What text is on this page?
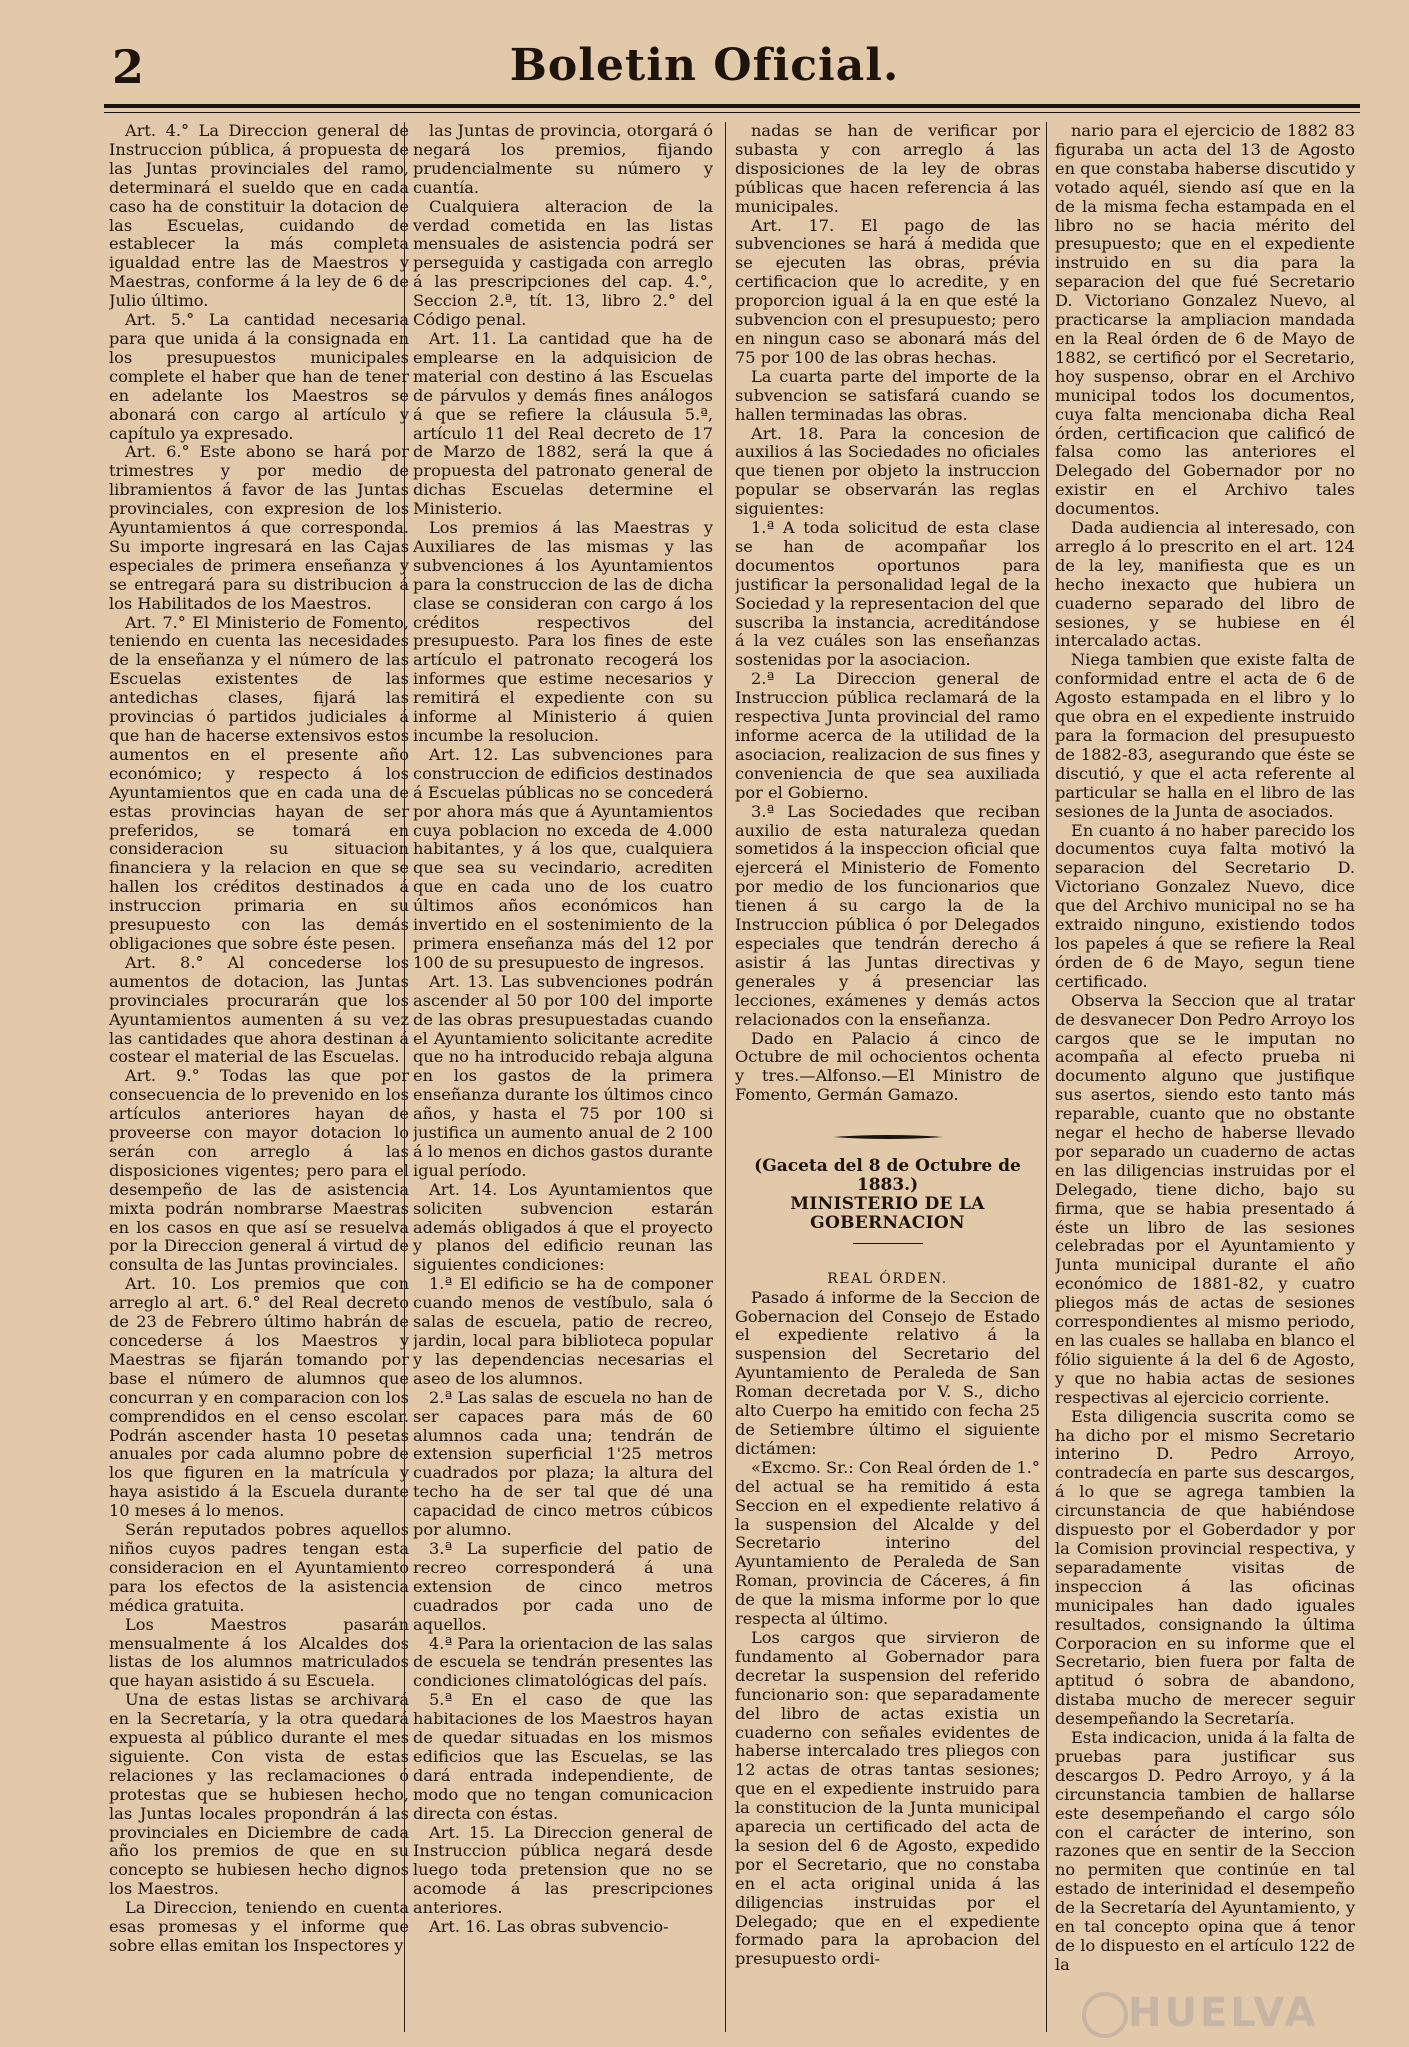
2	Boletin Oficial.

Art. 4.° La Direccion general de Instruccion pública, á propuesta de las Juntas provinciales del ramo, determinará el sueldo que en cada caso ha de constituir la dotacion de las Escuelas, cuidando de establecer la más completa igualdad entre las de Maestros y Maestras, conforme á la ley de 6 de Julio último.

Art. 5.° La cantidad necesaria para que unida á la consignada en los presupuestos municipales complete el haber que han de tener en adelante los Maestros se abonará con cargo al artículo y capítulo ya expresado.

Art. 6.° Este abono se hará por trimestres y por medio de libramientos á favor de las Juntas provinciales, con expresion de los Ayuntamientos á que corresponda. Su importe ingresará en las Cajas especiales de primera enseñanza y se entregará para su distribucion á los Habilitados de los Maestros.

Art. 7.° El Ministerio de Fomento, teniendo en cuenta las necesidades de la enseñanza y el número de las Escuelas existentes de las antedichas clases, fijará las provincias ó partidos judiciales á que han de hacerse extensivos estos aumentos en el presente año económico; y respecto á los Ayuntamientos que en cada una de estas provincias hayan de ser preferidos, se tomará en consideracion su situacion financiera y la relacion en que se hallen los créditos destinados á instruccion primaria en su presupuesto con las demás obligaciones que sobre éste pesen.

Art. 8.° Al concederse los aumentos de dotacion, las Juntas provinciales procurarán que los Ayuntamientos aumenten á su vez las cantidades que ahora destinan á costear el material de las Escuelas.

Art. 9.° Todas las que por consecuencia de lo prevenido en los artículos anteriores hayan de proveerse con mayor dotacion lo serán con arreglo á las disposiciones vigentes; pero para el desempeño de las de asistencia mixta podrán nombrarse Maestras en los casos en que así se resuelva por la Direccion general á virtud de consulta de las Juntas provinciales.

Art. 10. Los premios que con arreglo al art. 6.° del Real decreto de 23 de Febrero último habrán de concederse á los Maestros y Maestras se fijarán tomando por base el número de alumnos que concurran y en comparacion con los comprendidos en el censo escolar. Podrán ascender hasta 10 pesetas anuales por cada alumno pobre de los que figuren en la matrícula y haya asistido á la Escuela durante 10 meses á lo menos.

Serán reputados pobres aquellos niños cuyos padres tengan esta consideracion en el Ayuntamiento para los efectos de la asistencia médica gratuita.

Los Maestros pasarán mensualmente á los Alcaldes dos listas de los alumnos matriculados que hayan asistido á su Escuela.

Una de estas listas se archivará en la Secretaría, y la otra quedará expuesta al público durante el mes siguiente. Con vista de estas relaciones y las reclamaciones ó protestas que se hubiesen hecho, las Juntas locales propondrán á las provinciales en Diciembre de cada año los premios de que en su concepto se hubiesen hecho dignos los Maestros.

La Direccion, teniendo en cuenta esas promesas y el informe que sobre ellas emitan los Inspectores y

las Juntas de provincia, otorgará ó negará los premios, fijando prudencialmente su número y cuantía.

Cualquiera alteracion de la verdad cometida en las listas mensuales de asistencia podrá ser perseguida y castigada con arreglo á las prescripciones del cap. 4.°, Seccion 2.ª, tít. 13, libro 2.° del Código penal.

Art. 11. La cantidad que ha de emplearse en la adquisicion de material con destino á las Escuelas de párvulos y demás fines análogos á que se refiere la cláusula 5.ª, artículo 11 del Real decreto de 17 de Marzo de 1882, será la que á propuesta del patronato general de dichas Escuelas determine el Ministerio.

Los premios á las Maestras y Auxiliares de las mismas y las subvenciones á los Ayuntamientos para la construccion de las de dicha clase se consideran con cargo á los créditos respectivos del presupuesto. Para los fines de este artículo el patronato recogerá los informes que estime necesarios y remitirá el expediente con su informe al Ministerio á quien incumbe la resolucion.

Art. 12. Las subvenciones para construccion de edificios destinados á Escuelas públicas no se concederá por ahora más que á Ayuntamientos cuya poblacion no exceda de 4.000 habitantes, y á los que, cualquiera que sea su vecindario, acrediten que en cada uno de los cuatro últimos años económicos han invertido en el sostenimiento de la primera enseñanza más del 12 por 100 de su presupuesto de ingresos.

Art. 13. Las subvenciones podrán ascender al 50 por 100 del importe de las obras presupuestadas cuando el Ayuntamiento solicitante acredite que no ha introducido rebaja alguna en los gastos de la primera enseñanza durante los últimos cinco años, y hasta el 75 por 100 si justifica un aumento anual de 2 100 á lo menos en dichos gastos durante igual período.

Art. 14. Los Ayuntamientos que soliciten subvencion estarán además obligados á que el proyecto y planos del edificio reunan las siguientes condiciones:

1.ª El edificio se ha de componer cuando menos de vestíbulo, sala ó salas de escuela, patio de recreo, jardin, local para biblioteca popular y las dependencias necesarias el aseo de los alumnos.

2.ª Las salas de escuela no han de ser capaces para más de 60 alumnos cada una; tendrán de extension superficial 1'25 metros cuadrados por plaza; la altura del techo ha de ser tal que dé una capacidad de cinco metros cúbicos por alumno.

3.ª La superficie del patio de recreo corresponderá á una extension de cinco metros cuadrados por cada uno de aquellos.

4.ª Para la orientacion de las salas de escuela se tendrán presentes las condiciones climatológicas del país.

5.ª En el caso de que las habitaciones de los Maestros hayan de quedar situadas en los mismos edificios que las Escuelas, se las dará entrada independiente, de modo que no tengan comunicacion directa con éstas.

Art. 15. La Direccion general de Instruccion pública negará desde luego toda pretension que no se acomode á las prescripciones anteriores.

Art. 16. Las obras subvencio-

nadas se han de verificar por subasta y con arreglo á las disposiciones de la ley de obras públicas que hacen referencia á las municipales.

Art. 17. El pago de las subvenciones se hará á medida que se ejecuten las obras, prévia certificacion que lo acredite, y en proporcion igual á la en que esté la subvencion con el presupuesto; pero en ningun caso se abonará más del 75 por 100 de las obras hechas.

La cuarta parte del importe de la subvencion se satisfará cuando se hallen terminadas las obras.

Art. 18. Para la concesion de auxilios á las Sociedades no oficiales que tienen por objeto la instruccion popular se observarán las reglas siguientes:

1.ª A toda solicitud de esta clase se han de acompañar los documentos oportunos para justificar la personalidad legal de la Sociedad y la representacion del que suscriba la instancia, acreditándose á la vez cuáles son las enseñanzas sostenidas por la asociacion.

2.ª La Direccion general de Instruccion pública reclamará de la respectiva Junta provincial del ramo informe acerca de la utilidad de la asociacion, realizacion de sus fines y conveniencia de que sea auxiliada por el Gobierno.

3.ª Las Sociedades que reciban auxilio de esta naturaleza quedan sometidos á la inspeccion oficial que ejercerá el Ministerio de Fomento por medio de los funcionarios que tienen á su cargo la de la Instruccion pública ó por Delegados especiales que tendrán derecho á asistir á las Juntas directivas y generales y á presenciar las lecciones, exámenes y demás actos relacionados con la enseñanza.

Dado en Palacio á cinco de Octubre de mil ochocientos ochenta y tres.—Alfonso.—El Ministro de Fomento, Germán Gamazo.

(Gaceta del 8 de Octubre de 1883.)

MINISTERIO DE LA GOBERNACION

REAL ÓRDEN.

Pasado á informe de la Seccion de Gobernacion del Consejo de Estado el expediente relativo á la suspension del Secretario del Ayuntamiento de Peraleda de San Roman decretada por V. S., dicho alto Cuerpo ha emitido con fecha 25 de Setiembre último el siguiente dictámen:

«Excmo. Sr.: Con Real órden de 1.° del actual se ha remitido á esta Seccion en el expediente relativo á la suspension del Alcalde y del Secretario interino del Ayuntamiento de Peraleda de San Roman, provincia de Cáceres, á fin de que la misma informe por lo que respecta al último.

Los cargos que sirvieron de fundamento al Gobernador para decretar la suspension del referido funcionario son: que separadamente del libro de actas existia un cuaderno con señales evidentes de haberse intercalado tres pliegos con 12 actas de otras tantas sesiones; que en el expediente instruido para la constitucion de la Junta municipal aparecia un certificado del acta de la sesion del 6 de Agosto, expedido por el Secretario, que no constaba en el acta original unida á las diligencias instruidas por el Delegado; que en el expediente formado para la aprobacion del presupuesto ordi-

nario para el ejercicio de 1882 83 figuraba un acta del 13 de Agosto en que constaba haberse discutido y votado aquél, siendo así que en la de la misma fecha estampada en el libro no se hacia mérito del presupuesto; que en el expediente instruido en su dia para la separacion del que fué Secretario D. Victoriano Gonzalez Nuevo, al practicarse la ampliacion mandada en la Real órden de 6 de Mayo de 1882, se certificó por el Secretario, hoy suspenso, obrar en el Archivo municipal todos los documentos, cuya falta mencionaba dicha Real órden, certificacion que calificó de falsa como las anteriores el Delegado del Gobernador por no existir en el Archivo tales documentos.

Dada audiencia al interesado, con arreglo á lo prescrito en el art. 124 de la ley, manifiesta que es un hecho inexacto que hubiera un cuaderno separado del libro de sesiones, y se hubiese en él intercalado actas.

Niega tambien que existe falta de conformidad entre el acta de 6 de Agosto estampada en el libro y lo que obra en el expediente instruido para la formacion del presupuesto de 1882-83, asegurando que éste se discutió, y que el acta referente al particular se halla en el libro de las sesiones de la Junta de asociados.

En cuanto á no haber parecido los documentos cuya falta motivó la separacion del Secretario D. Victoriano Gonzalez Nuevo, dice que del Archivo municipal no se ha extraido ninguno, existiendo todos los papeles á que se refiere la Real órden de 6 de Mayo, segun tiene certificado.

Observa la Seccion que al tratar de desvanecer Don Pedro Arroyo los cargos que se le imputan no acompaña al efecto prueba ni documento alguno que justifique sus asertos, siendo esto tanto más reparable, cuanto que no obstante negar el hecho de haberse llevado por separado un cuaderno de actas en las diligencias instruidas por el Delegado, tiene dicho, bajo su firma, que se habia presentado á éste un libro de las sesiones celebradas por el Ayuntamiento y Junta municipal durante el año económico de 1881-82, y cuatro pliegos más de actas de sesiones correspondientes al mismo periodo, en las cuales se hallaba en blanco el fólio siguiente á la del 6 de Agosto, y que no habia actas de sesiones respectivas al ejercicio corriente.

Esta diligencia suscrita como se ha dicho por el mismo Secretario interino D. Pedro Arroyo, contradecía en parte sus descargos, á lo que se agrega tambien la circunstancia de que habiéndose dispuesto por el Goberdador y por la Comision provincial respectiva, y separadamente visitas de inspeccion á las oficinas municipales han dado iguales resultados, consignando la última Corporacion en su informe que el Secretario, bien fuera por falta de aptitud ó sobra de abandono, distaba mucho de merecer seguir desempeñando la Secretaría.

Esta indicacion, unida á la falta de pruebas para justificar sus descargos D. Pedro Arroyo, y á la circunstancia tambien de hallarse este desempeñando el cargo sólo con el carácter de interino, son razones que en sentir de la Seccion no permiten que continúe en tal estado de interinidad el desempeño de la Secretaría del Ayuntamiento, y en tal concepto opina que á tenor de lo dispuesto en el artículo 122 de la

HUELVA
